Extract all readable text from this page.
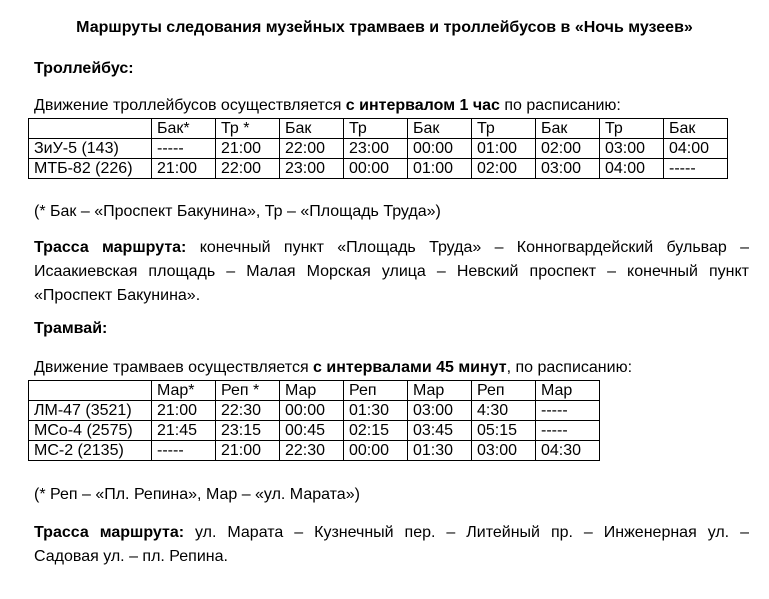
Маршруты следования музейных трамваев и троллейбусов в «Ночь музеев»
Троллейбус:
Движение троллейбусов осуществляется с интервалом 1 час по расписанию:
	Бак*	Тр *	Бак	Тр	Бак	Тр	Бак	Тр	Бак
ЗиУ-5 (143)	-----	21:00	22:00	23:00	00:00	01:00	02:00	03:00	04:00
МТБ-82 (226)	21:00	22:00	23:00	00:00	01:00	02:00	03:00	04:00	-----
(* Бак – «Проспект Бакунина», Тр – «Площадь Труда»)
Трасса маршрута: конечный пункт «Площадь Труда» – Конногвардейский бульвар –
Исаакиевская площадь – Малая Морская улица – Невский проспект – конечный пункт
«Проспект Бакунина».
Трамвай:
Движение трамваев осуществляется с интервалами 45 минут, по расписанию:
	Мар*	Реп *	Мар	Реп	Мар	Реп	Мар
ЛМ-47 (3521)	21:00	22:30	00:00	01:30	03:00	4:30	-----
МСо-4 (2575)	21:45	23:15	00:45	02:15	03:45	05:15	-----
МС-2 (2135)	-----	21:00	22:30	00:00	01:30	03:00	04:30
(* Реп – «Пл. Репина», Мар – «ул. Марата»)
Трасса маршрута: ул. Марата – Кузнечный пер. – Литейный пр. – Инженерная ул. –
Садовая ул. – пл. Репина.
